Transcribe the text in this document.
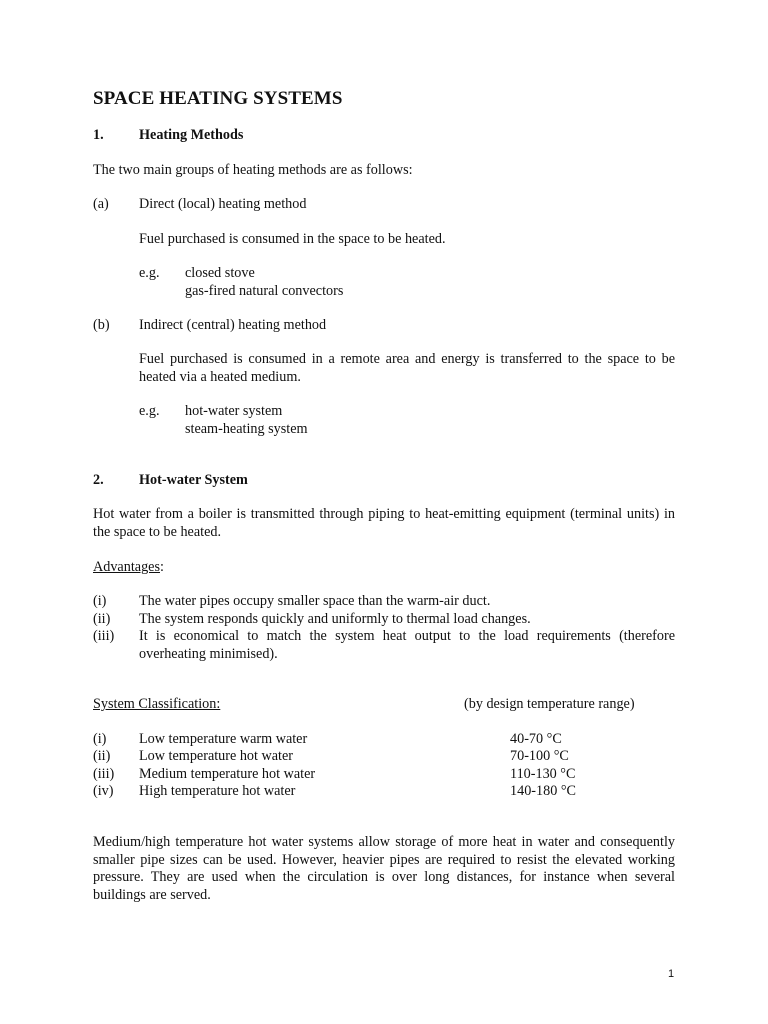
SPACE HEATING SYSTEMS
1. Heating Methods
The two main groups of heating methods are as follows:
(a) Direct (local) heating method
Fuel purchased is consumed in the space to be heated.
e.g. closed stove
gas-fired natural convectors
(b) Indirect (central) heating method
Fuel purchased is consumed in a remote area and energy is transferred to the space to be heated via a heated medium.
e.g. hot-water system
steam-heating system
2. Hot-water System
Hot water from a boiler is transmitted through piping to heat-emitting equipment (terminal units) in the space to be heated.
Advantages:
(i) The water pipes occupy smaller space than the warm-air duct.
(ii) The system responds quickly and uniformly to thermal load changes.
(iii) It is economical to match the system heat output to the load requirements (therefore overheating minimised).
System Classification:	(by design temperature range)
(i) Low temperature warm water	40-70 °C
(ii) Low temperature hot water	70-100 °C
(iii) Medium temperature hot water	110-130 °C
(iv) High temperature hot water	140-180 °C
Medium/high temperature hot water systems allow storage of more heat in water and consequently smaller pipe sizes can be used. However, heavier pipes are required to resist the elevated working pressure. They are used when the circulation is over long distances, for instance when several buildings are served.
1
